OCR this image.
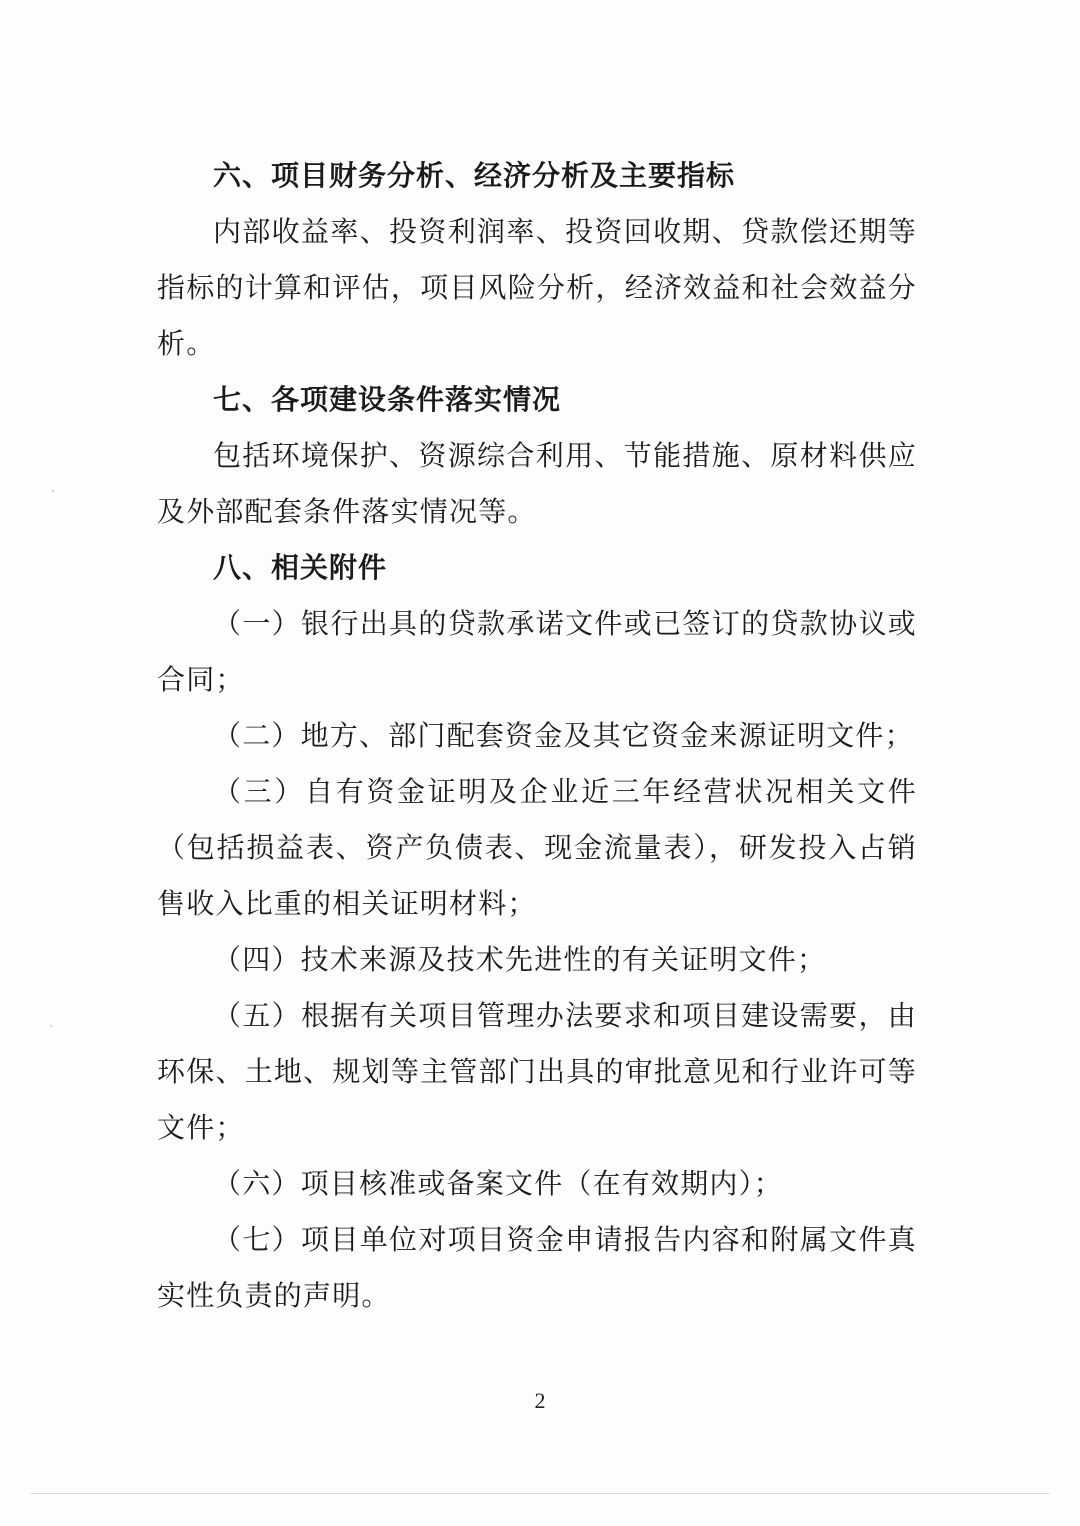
六、项目财务分析、经济分析及主要指标

内部收益率、投资利润率、投资回收期、贷款偿还期等指标的计算和评估，项目风险分析，经济效益和社会效益分析。

七、各项建设条件落实情况

包括环境保护、资源综合利用、节能措施、原材料供应及外部配套条件落实情况等。

八、相关附件

（一）银行出具的贷款承诺文件或已签订的贷款协议或合同；

（二）地方、部门配套资金及其它资金来源证明文件；

（三）自有资金证明及企业近三年经营状况相关文件（包括损益表、资产负债表、现金流量表），研发投入占销售收入比重的相关证明材料；

（四）技术来源及技术先进性的有关证明文件；

（五）根据有关项目管理办法要求和项目建设需要，由环保、土地、规划等主管部门出具的审批意见和行业许可等文件；

（六）项目核准或备案文件（在有效期内）；

（七）项目单位对项目资金申请报告内容和附属文件真实性负责的声明。

2
